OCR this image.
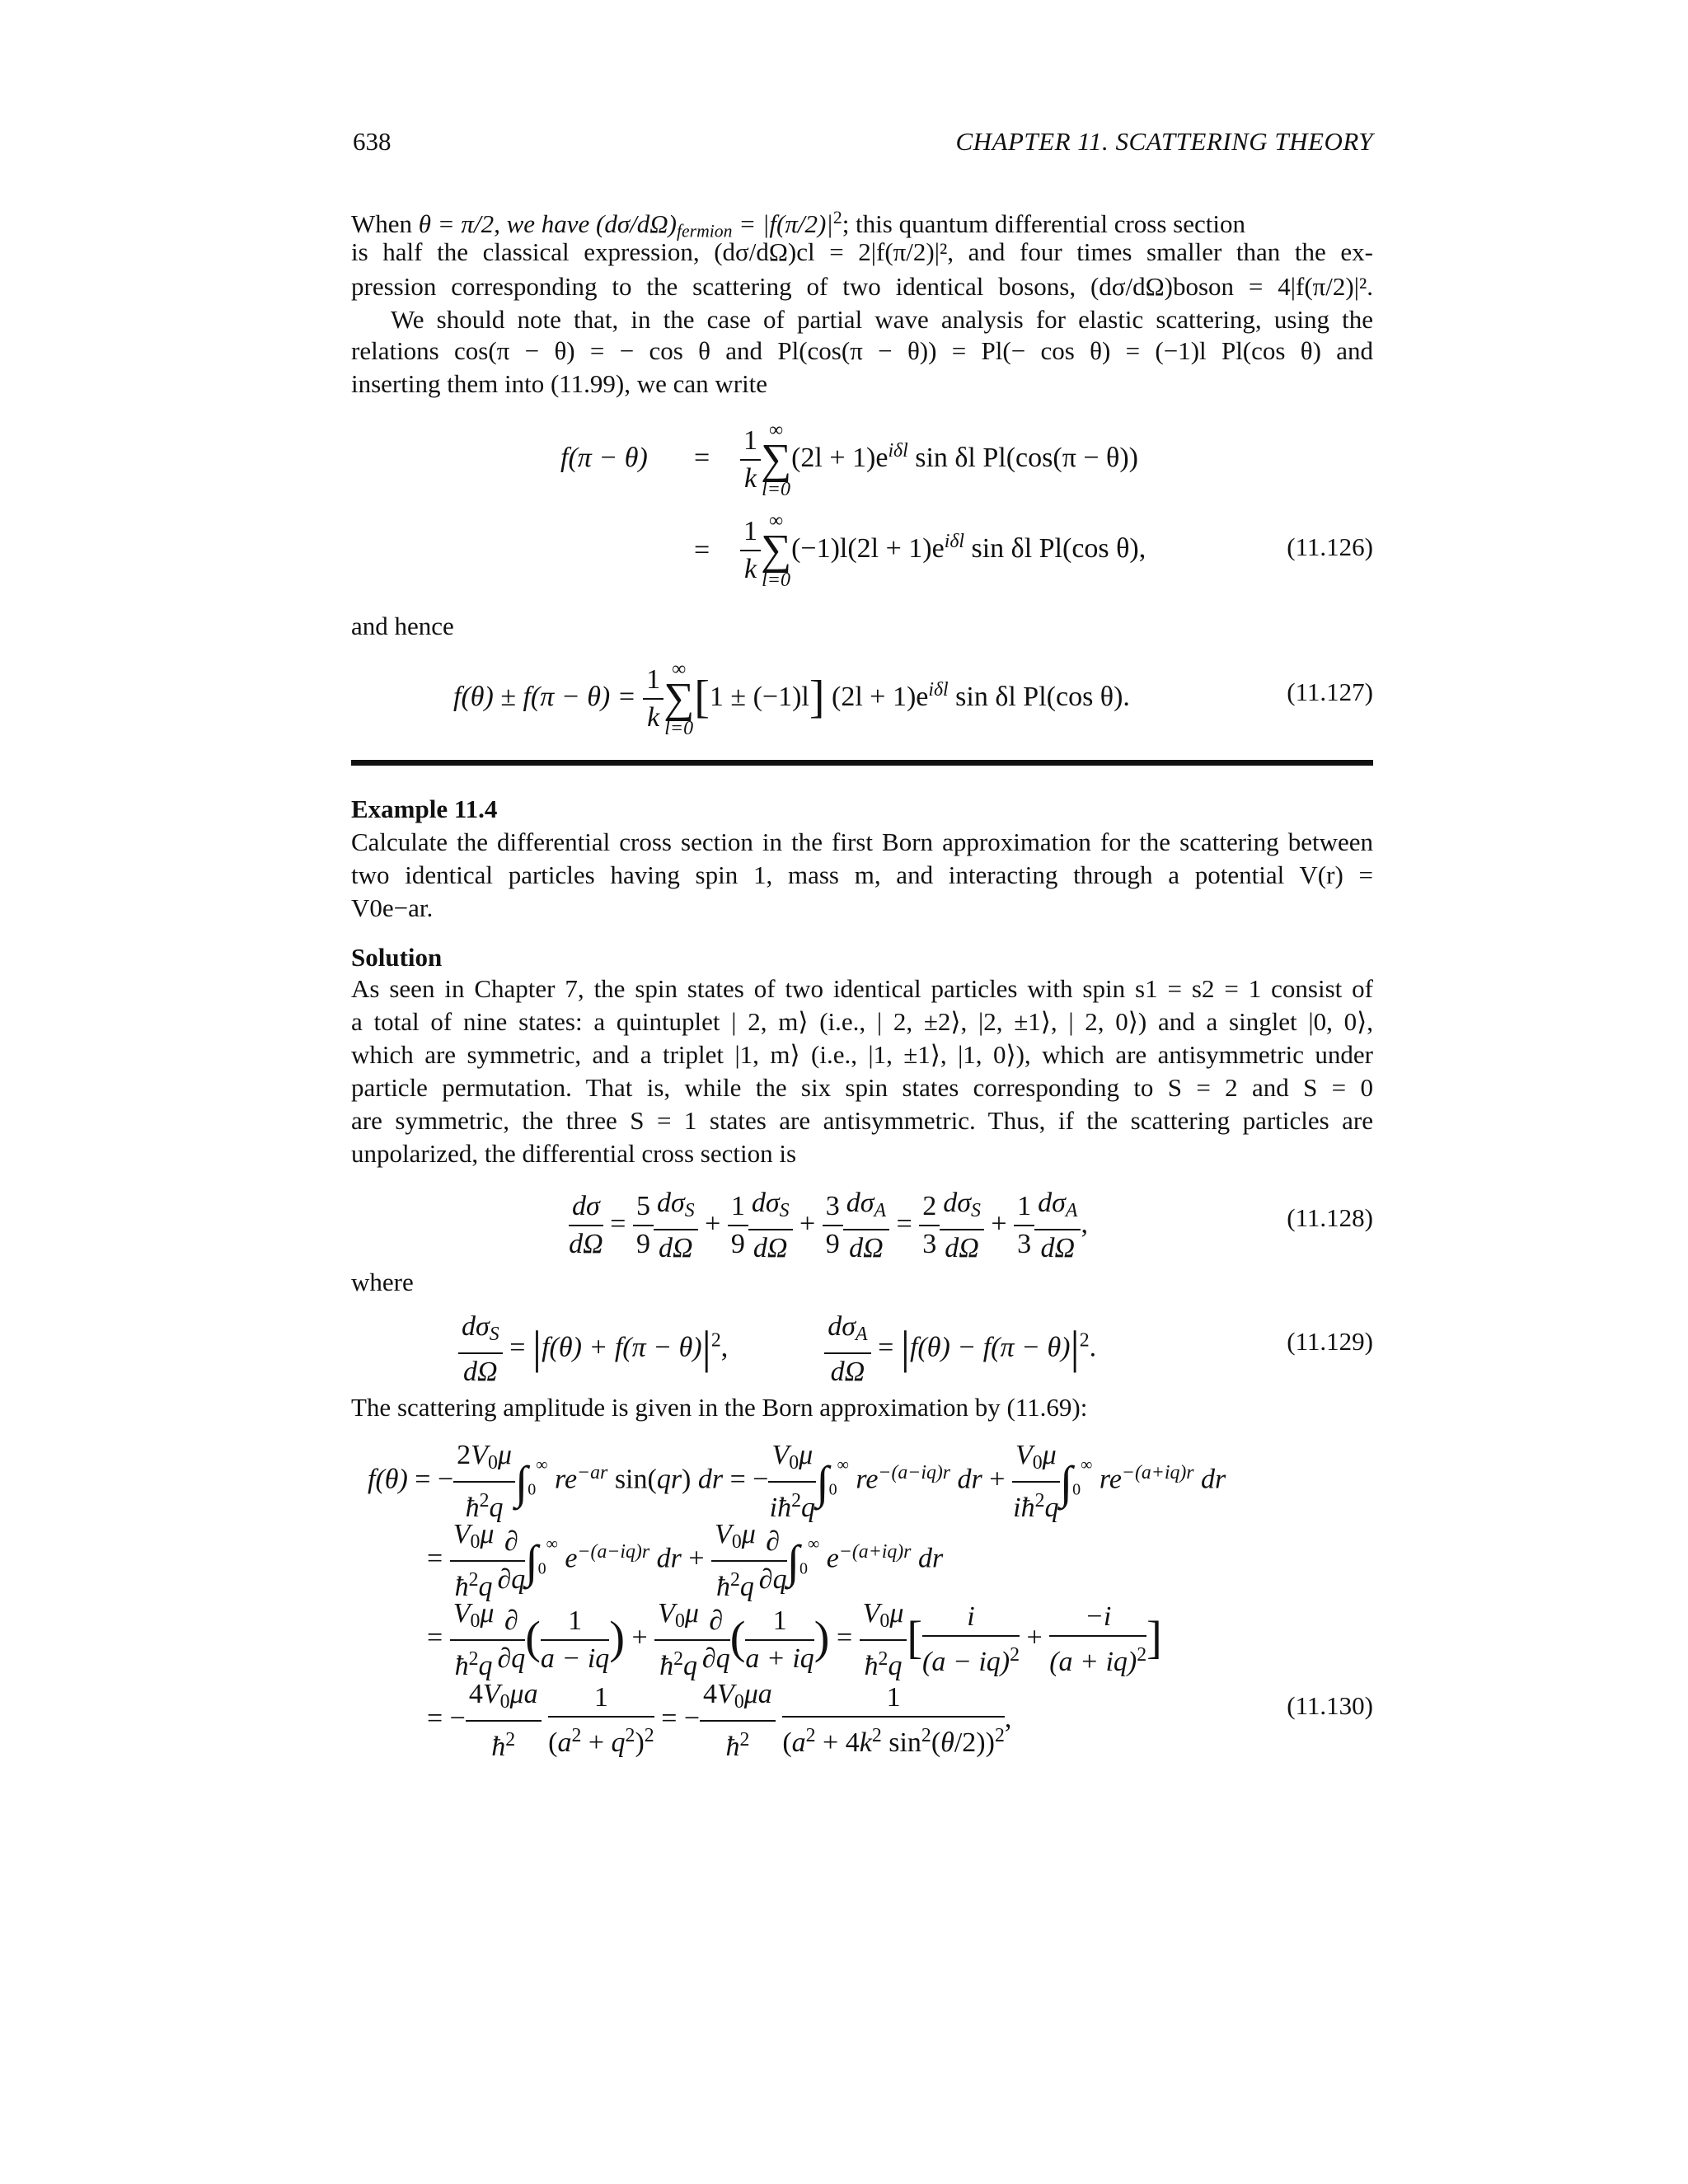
638	CHAPTER 11. SCATTERING THEORY
When θ = π/2, we have $(d\sigma/d\Omega)_{fermion} = |f(\pi/2)|^2$; this quantum differential cross section
is half the classical expression, (dσ/dΩ)cl = 2|f(π/2)|², and four times smaller than the ex-
pression corresponding to the scattering of two identical bosons, (dσ/dΩ)boson = 4|f(π/2)|².
We should note that, in the case of partial wave analysis for elastic scattering, using the
relations cos(π − θ) = − cos θ and Pl(cos(π − θ)) = Pl(− cos θ) = (−1)l Pl(cos θ) and
inserting them into (11.99), we can write
$f(\pi - \theta) = \frac{1}{k}$ ∞
∑
l=0
$(2l + 1)e^{i\delta l}$ sin δl Pl(cos(π − θ))
= $\frac{1}{k}$ ∞
∑
l=0
$(-1)l(2l + 1)e^{i\delta l}$ sin δl Pl(cos θ),	(11.126)
and hence
$f(\theta) \pm f(\pi - \theta) = \frac{1}{k}$ ∞
∑
l=0
[1 ± (−1)l] $(2l + 1)e^{i\delta l}$ sin δl Pl(cos θ).	(11.127)
Example 11.4
Calculate the differential cross section in the first Born approximation for the scattering between
two identical particles having spin 1, mass m, and interacting through a potential V(r) =
V0e−ar.
Solution
As seen in Chapter 7, the spin states of two identical particles with spin s1 = s2 = 1 consist of
a total of nine states: a quintuplet | 2, m⟩ (i.e., | 2, ±2⟩, |2, ±1⟩, | 2, 0⟩) and a singlet |0, 0⟩,
which are symmetric, and a triplet |1, m⟩ (i.e., |1, ±1⟩, |1, 0⟩), which are antisymmetric under
particle permutation. That is, while the six spin states corresponding to S = 2 and S = 0
are symmetric, the three S = 1 states are antisymmetric. Thus, if the scattering particles are
unpolarized, the differential cross section is
$\frac{d\sigma}{d\Omega} = \frac{5}{9} \frac{d\sigma_S}{d\Omega} + \frac{1}{9} \frac{d\sigma_S}{d\Omega} + \frac{3}{9} \frac{d\sigma_A}{d\Omega} = \frac{2}{3} \frac{d\sigma_S}{d\Omega} + \frac{1}{3} \frac{d\sigma_A}{d\Omega}$ ,	(11.128)
where
$\frac{d\sigma_S}{d\Omega} = |f(\theta) + f(\pi - \theta)|^2$,	$\frac{d\sigma_A}{d\Omega} = |f(\theta) - f(\pi - \theta)|^2$.	(11.129)
The scattering amplitude is given in the Born approximation by (11.69):
f(θ) = − $\frac{2V_0\mu}{ħ^2q} \int_0^\infty$ $re^{-ar}$ sin(qr) dr = − $\frac{V_0\mu}{iħ^2q} \int_0^\infty$ $re^{-(a-iq)r}$ dr + $\frac{V_0\mu}{iħ^2q} \int_0^\infty$ $re^{-(a+iq)r}$ dr
= $\frac{V_0\mu}{ħ^2q} \frac{\partial}{\partial q} \int_0^\infty$ $e^{-(a-iq)r}$ dr + $\frac{V_0\mu}{ħ^2q} \frac{\partial}{\partial q} \int_0^\infty$ $e^{-(a+iq)r}$ dr
= $\frac{V_0\mu}{ħ^2q} \frac{\partial}{\partial q}$ ( $\frac{1}{a - iq}$ ) + $\frac{V_0\mu}{ħ^2q} \frac{\partial}{\partial q}$ ( $\frac{1}{a + iq}$ ) = $\frac{V_0\mu}{ħ^2q}$ [ $\frac{i}{(a - iq)^2} + \frac{-i}{(a + iq)^2}$ ]
= − $\frac{4V_0\mu a}{ħ^2}$
$\frac{1}{(a^2 + q^2)^2}$ = − $\frac{4V_0\mu a}{ħ^2}$
$\frac{1}{(a^2 + 4k^2 \sin^2(\theta/2))^2}$ ,	(11.130)
